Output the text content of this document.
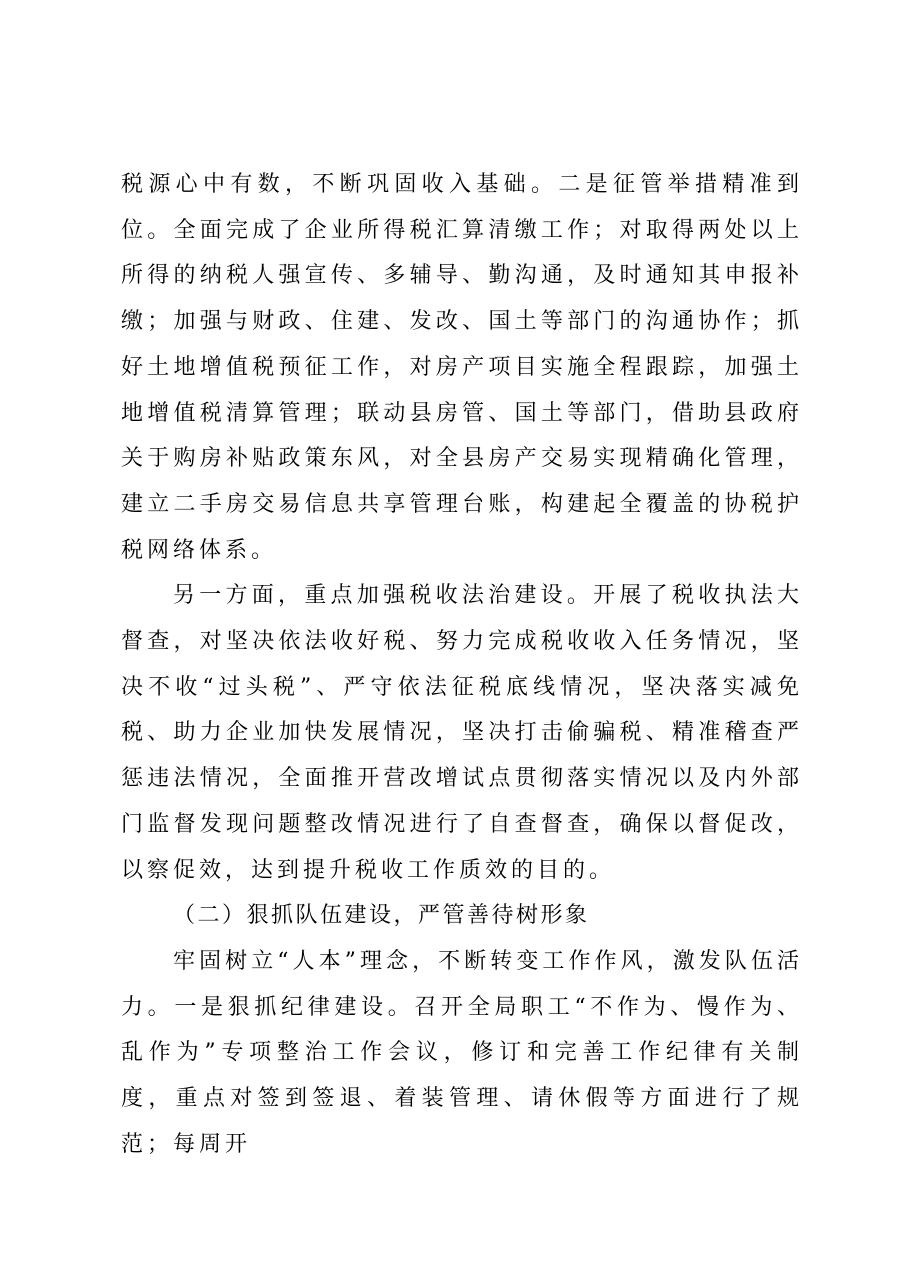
税源心中有数，不断巩固收入基础。二是征管举措精准到位。全面完成了企业所得税汇算清缴工作；对取得两处以上所得的纳税人强宣传、多辅导、勤沟通，及时通知其申报补缴；加强与财政、住建、发改、国土等部门的沟通协作；抓好土地增值税预征工作，对房产项目实施全程跟踪，加强土地增值税清算管理；联动县房管、国土等部门，借助县政府关于购房补贴政策东风，对全县房产交易实现精确化管理，建立二手房交易信息共享管理台账，构建起全覆盖的协税护税网络体系。

另一方面，重点加强税收法治建设。开展了税收执法大督查，对坚决依法收好税、努力完成税收收入任务情况，坚决不收“过头税”、严守依法征税底线情况，坚决落实减免税、助力企业加快发展情况，坚决打击偷骗税、精准稽查严惩违法情况，全面推开营改增试点贯彻落实情况以及内外部门监督发现问题整改情况进行了自查督查，确保以督促改，以察促效，达到提升税收工作质效的目的。

（二）狠抓队伍建设，严管善待树形象

牢固树立“人本”理念，不断转变工作作风，激发队伍活力。一是狠抓纪律建设。召开全局职工“不作为、慢作为、乱作为”专项整治工作会议，修订和完善工作纪律有关制度，重点对签到签退、着装管理、请休假等方面进行了规范；每周开
